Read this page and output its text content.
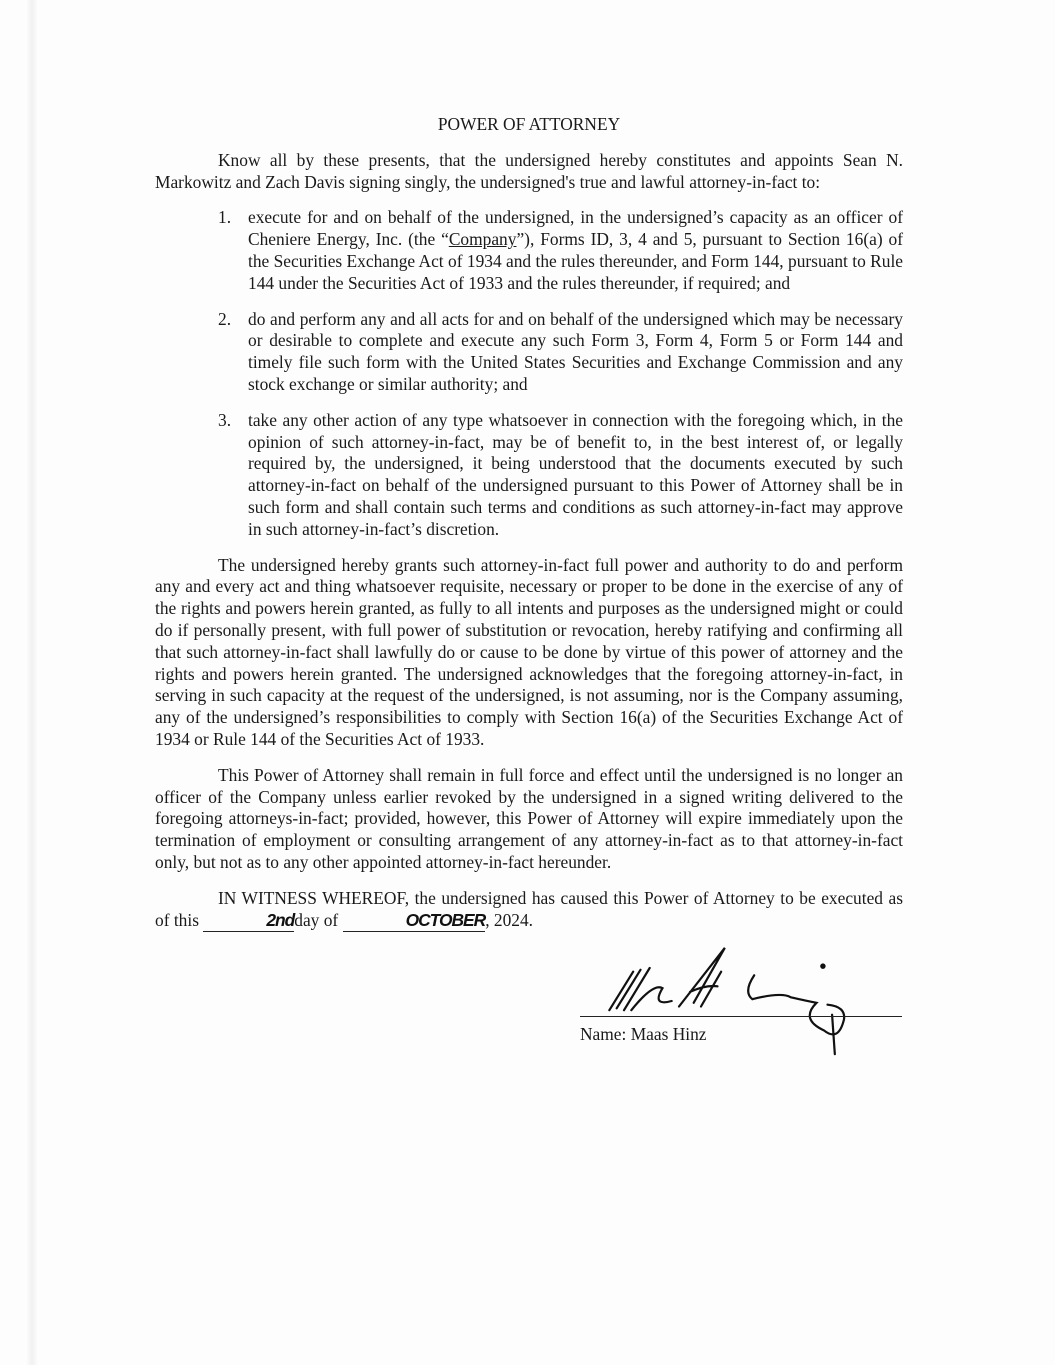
POWER OF ATTORNEY
Know all by these presents, that the undersigned hereby constitutes and appoints Sean N. Markowitz and Zach Davis signing singly, the undersigned's true and lawful attorney-in-fact to:
1. execute for and on behalf of the undersigned, in the undersigned’s capacity as an officer of Cheniere Energy, Inc. (the “Company”), Forms ID, 3, 4 and 5, pursuant to Section 16(a) of the Securities Exchange Act of 1934 and the rules thereunder, and Form 144, pursuant to Rule 144 under the Securities Act of 1933 and the rules thereunder, if required; and
2. do and perform any and all acts for and on behalf of the undersigned which may be necessary or desirable to complete and execute any such Form 3, Form 4, Form 5 or Form 144 and timely file such form with the United States Securities and Exchange Commission and any stock exchange or similar authority; and
3. take any other action of any type whatsoever in connection with the foregoing which, in the opinion of such attorney-in-fact, may be of benefit to, in the best interest of, or legally required by, the undersigned, it being understood that the documents executed by such attorney-in-fact on behalf of the undersigned pursuant to this Power of Attorney shall be in such form and shall contain such terms and conditions as such attorney-in-fact may approve in such attorney-in-fact’s discretion.
The undersigned hereby grants such attorney-in-fact full power and authority to do and perform any and every act and thing whatsoever requisite, necessary or proper to be done in the exercise of any of the rights and powers herein granted, as fully to all intents and purposes as the undersigned might or could do if personally present, with full power of substitution or revocation, hereby ratifying and confirming all that such attorney-in-fact shall lawfully do or cause to be done by virtue of this power of attorney and the rights and powers herein granted. The undersigned acknowledges that the foregoing attorney-in-fact, in serving in such capacity at the request of the undersigned, is not assuming, nor is the Company assuming, any of the undersigned’s responsibilities to comply with Section 16(a) of the Securities Exchange Act of 1934 or Rule 144 of the Securities Act of 1933.
This Power of Attorney shall remain in full force and effect until the undersigned is no longer an officer of the Company unless earlier revoked by the undersigned in a signed writing delivered to the foregoing attorneys-in-fact; provided, however, this Power of Attorney will expire immediately upon the termination of employment or consulting arrangement of any attorney-in-fact as to that attorney-in-fact only, but not as to any other appointed attorney-in-fact hereunder.
IN WITNESS WHEREOF, the undersigned has caused this Power of Attorney to be executed as of this	2ndday of	OCTOBER, 2024.
Name: Maas Hinz
